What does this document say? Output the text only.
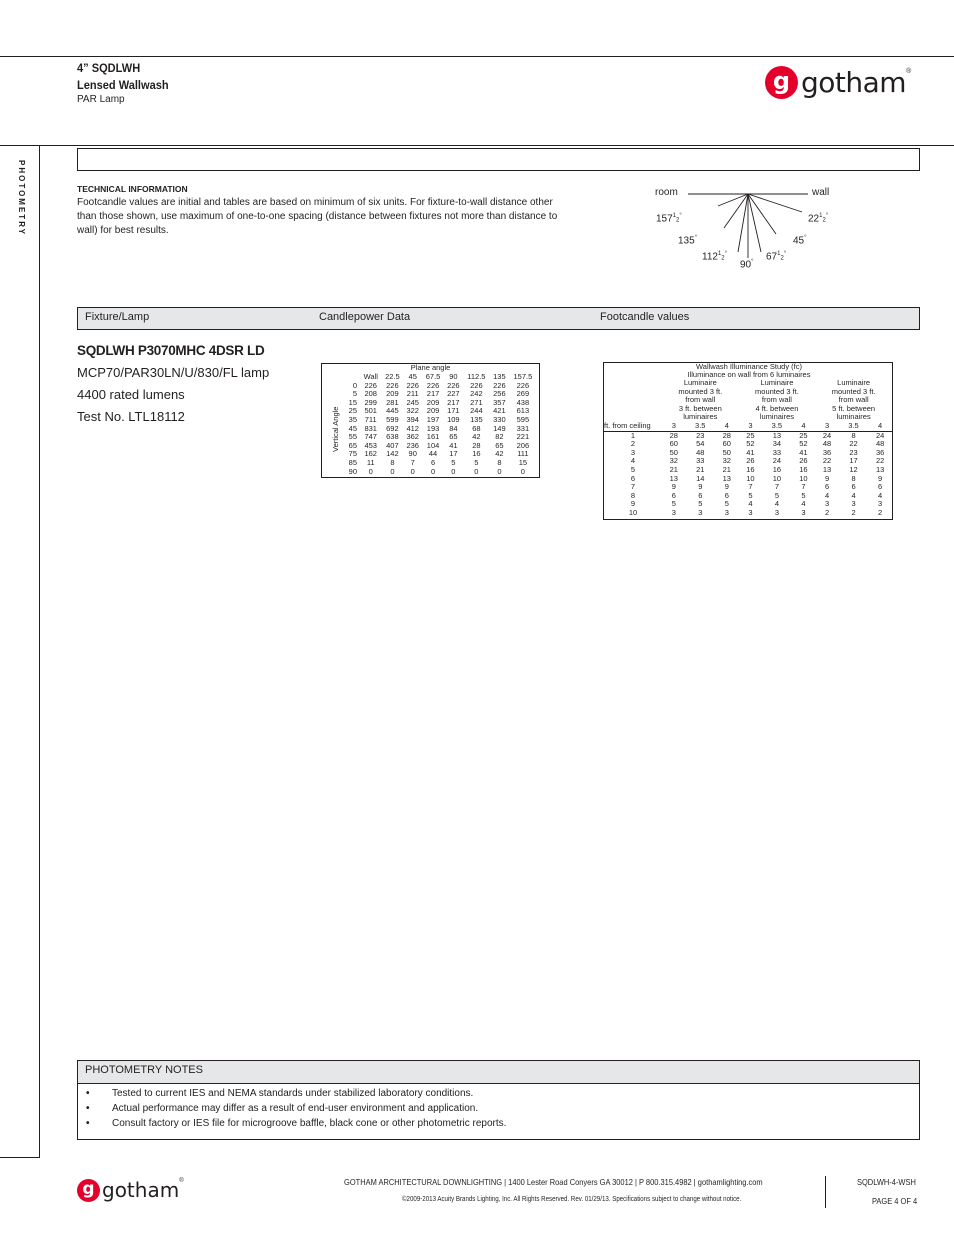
4” SQDLWH
Lensed Wallwash
PAR Lamp
g gotham®
PHOTOMETRY	TECHNICAL INFORMATION
Footcandle values are initial and tables are based on minimum of six units. For fixture-to-wall distance other than those shown, use maximum of one-to-one spacing (distance between fixtures not more than distance to wall) for best results.
room	wall
$157^12^\circ$	$22^12^\circ$
135°	45°
$112^12^\circ$	$67^12^\circ$
90°
Fixture/Lamp	Candlepower Data	Footcandle values
SQDLWH P3070MHC 4DSR LD
MCP70/PAR30LN/U/830/FL lamp
4400 rated lumens
Test No. LTL18112
Plane angle
Vertical Angle
	Wall	22.5	45	67.5	90	112.5	135	157.5
0	226	226	226	226	226	226	226	226
5	208	209	211	217	227	242	256	269
15	299	281	245	209	217	271	357	438
25	501	445	322	209	171	244	421	613
35	711	599	394	197	109	135	330	595
45	831	692	412	193	84	68	149	331
55	747	638	362	161	65	42	82	221
65	453	407	236	104	41	28	65	206
75	162	142	90	44	17	16	42	111
85	11	8	7	6	5	5	8	15
90	0	0	0	0	0	0	0	0
Wallwash Illuminance Study (fc)
Illuminance on wall from 6 luminaires
	Luminaire			Luminaire			Luminaire		
	mounted 3 ft.			mounted 3 ft.			mounted 3 ft.		
	from wall			from wall			from wall		
	3 ft. between			4 ft. between			5 ft. between		
	luminaires			luminaires			luminaires		
ft. from ceiling	3	3.5	4	3	3.5	4	3	3.5	4
1	28	23	28	25	13	25	24	8	24
2	60	54	60	52	34	52	48	22	48
3	50	48	50	41	33	41	36	23	36
4	32	33	32	26	24	26	22	17	22
5	21	21	21	16	16	16	13	12	13
6	13	14	13	10	10	10	9	8	9
7	9	9	9	7	7	7	6	6	6
8	6	6	6	5	5	5	4	4	4
9	5	5	5	4	4	4	3	3	3
10	3	3	3	3	3	3	2	2	2
PHOTOMETRY NOTES
• Tested to current IES and NEMA standards under stabilized laboratory conditions.
• Actual performance may differ as a result of end-user environment and application.
• Consult factory or IES file for microgroove baffle, black cone or other photometric reports.
g gotham®	GOTHAM ARCHITECTURAL DOWNLIGHTING | 1400 Lester Road Conyers GA 30012 | P 800.315.4982 | gothamlighting.com
©2009-2013 Acuity Brands Lighting, Inc. All Rights Reserved. Rev. 01/29/13. Specifications subject to change without notice.
SQDLWH-4-WSH
PAGE 4 OF 4
